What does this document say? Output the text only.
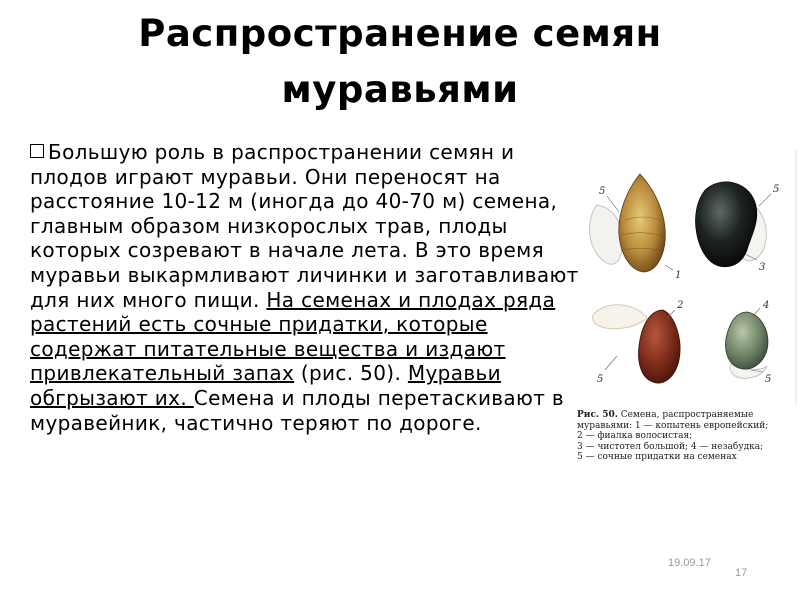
Распространение семян
муравьями
Большую роль в распространении семян и плодов играют муравьи. Они переносят на расстояние 10-12 м (иногда до 40-70 м) семена, главным образом низкорослых трав, плоды которых созревают в начале лета. В это время муравьи выкармливают личинки и заготавливают для них много пищи. На семенах и плодах ряда растений есть сочные придатки, которые содержат питательные вещества и издают привлекательный запах (рис. 50). Муравьи обгрызают их. Семена и плоды перетаскивают в муравейник, частично теряют по дороге.
5
1
5
3
2	4
5	5
Рис. 50. Семена, распространяемые
муравьями: 1 — копытень европейский;
2 — фиалка волосистая;
3 — чистотел большой; 4 — незабудка;
5 — сочные придатки на семенах
19.09.17
17
